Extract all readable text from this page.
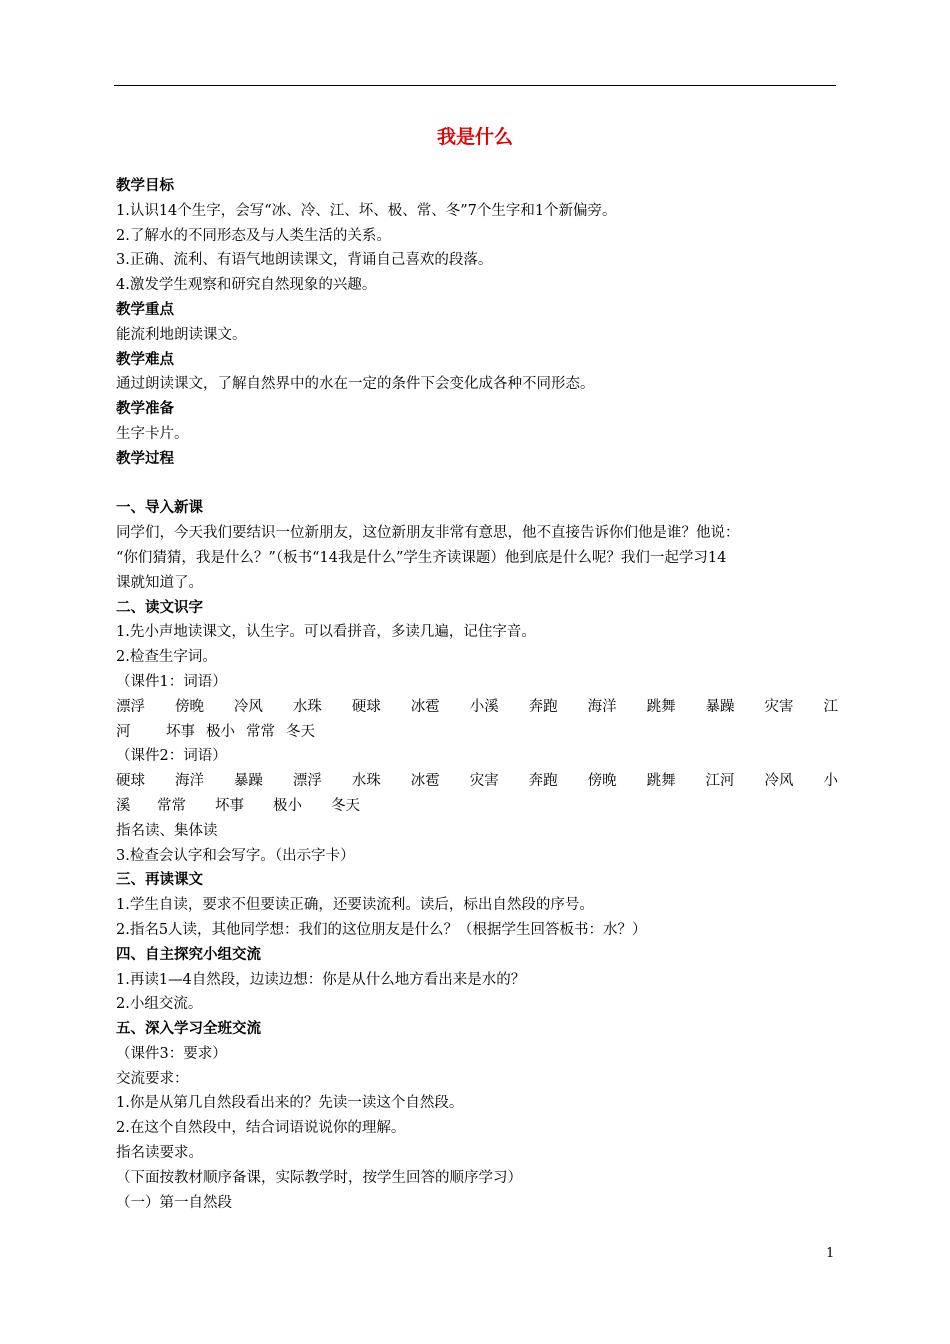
我是什么
教学目标
1.认识14个生字，会写“冰、冷、江、坏、极、常、冬”7个生字和1个新偏旁。
2.了解水的不同形态及与人类生活的关系。
3.正确、流利、有语气地朗读课文，背诵自己喜欢的段落。
4.激发学生观察和研究自然现象的兴趣。
教学重点
能流利地朗读课文。
教学难点
通过朗读课文，了解自然界中的水在一定的条件下会变化成各种不同形态。
教学准备
生字卡片。
教学过程
一、导入新课
同学们，今天我们要结识一位新朋友，这位新朋友非常有意思，他不直接告诉你们他是谁？他说：
“你们猜猜，我是什么？”（板书“14我是什么”学生齐读课题）他到底是什么呢？我们一起学习14
课就知道了。
二、读文识字
1.先小声地读课文，认生字。可以看拼音，多读几遍，记住字音。
2.检查生字词。
（课件1：词语）
漂浮 傍晚 冷风 水珠 硬球 冰雹 小溪 奔跑 海洋 跳舞 暴躁 灾害 江
河	坏事 极小 常常 冬天
（课件2：词语）
硬球 海洋 暴躁 漂浮 水珠 冰雹 灾害 奔跑 傍晚 跳舞 江河 冷风 小
溪	常常	坏事	极小	冬天
指名读、集体读
3.检查会认字和会写字。（出示字卡）
三、再读课文
1.学生自读，要求不但要读正确，还要读流利。读后，标出自然段的序号。
2.指名5人读，其他同学想：我们的这位朋友是什么？（根据学生回答板书：水？）
四、自主探究小组交流
1.再读1—4自然段，边读边想：你是从什么地方看出来是水的？
2.小组交流。
五、深入学习全班交流
（课件3：要求）
交流要求：
1.你是从第几自然段看出来的？先读一读这个自然段。
2.在这个自然段中，结合词语说说你的理解。
指名读要求。
（下面按教材顺序备课，实际教学时，按学生回答的顺序学习）
（一）第一自然段
1
